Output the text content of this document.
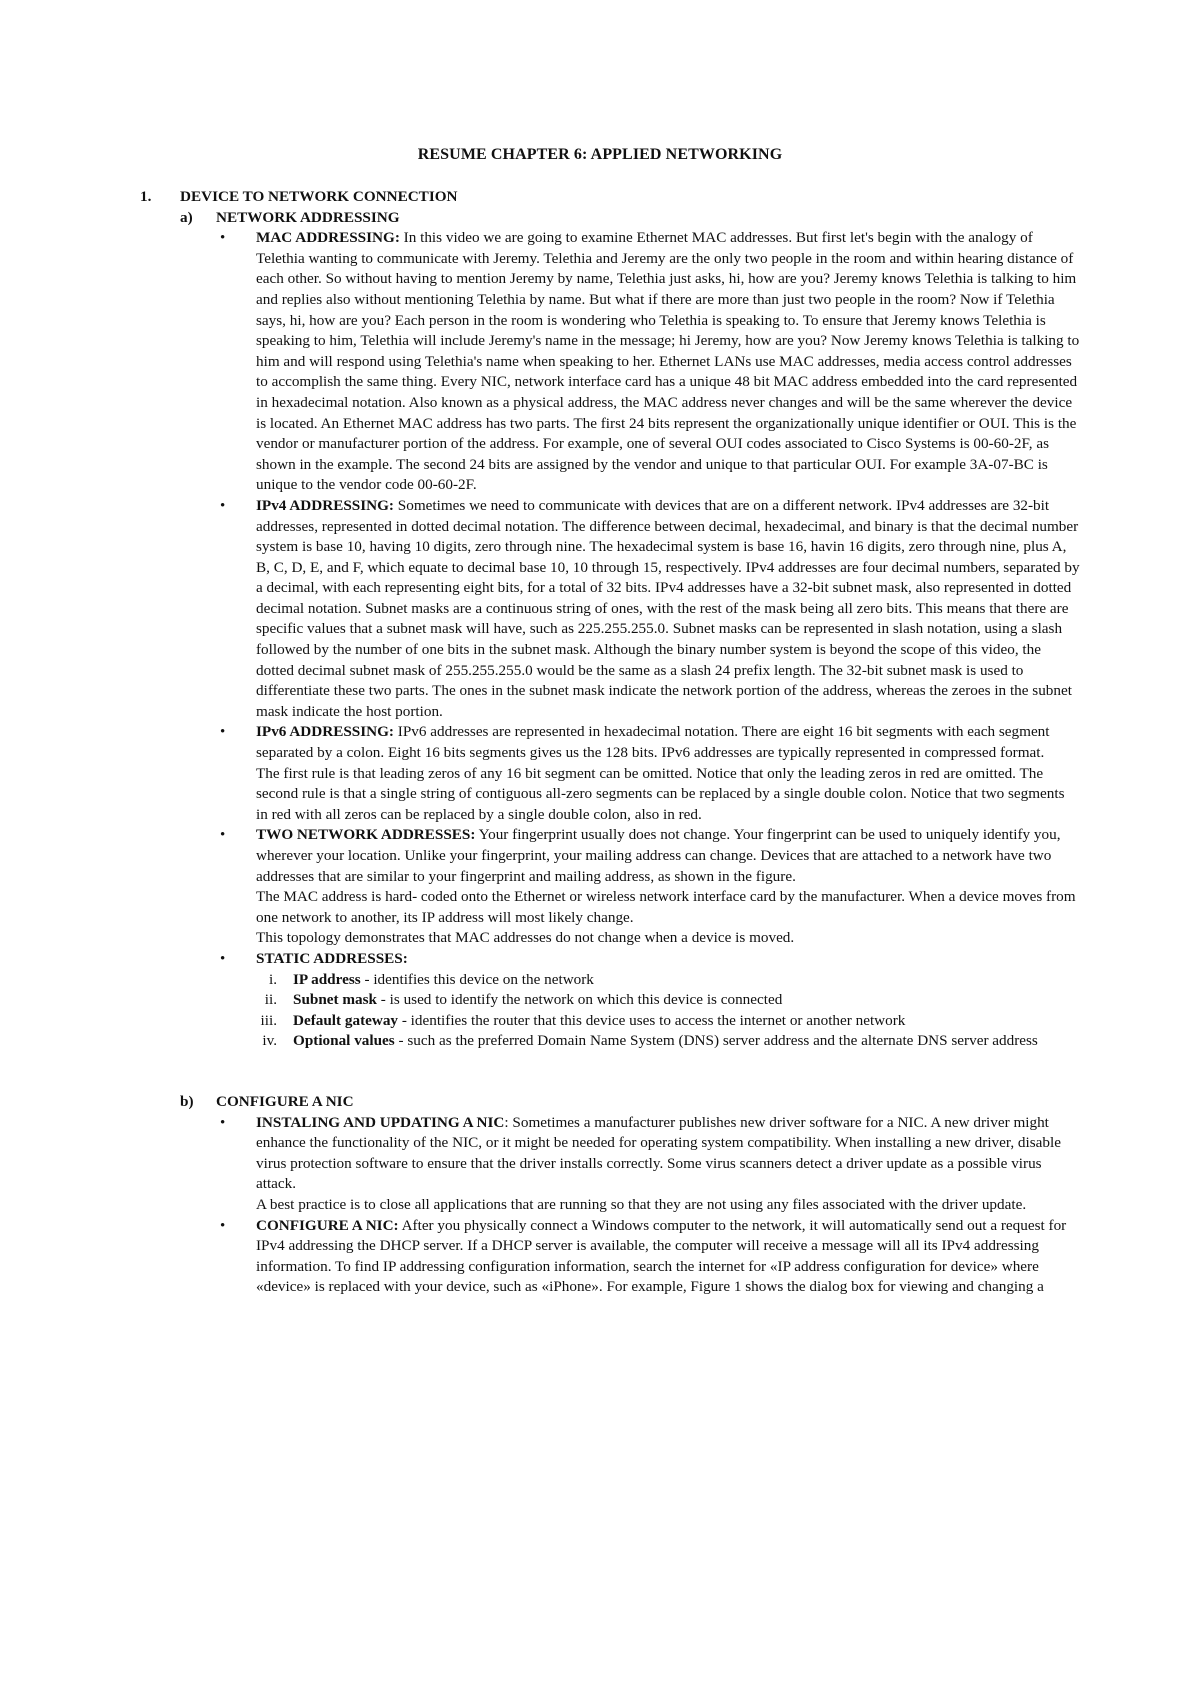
RESUME CHAPTER 6: APPLIED NETWORKING
1. DEVICE TO NETWORK CONNECTION
a) NETWORK ADDRESSING
• MAC ADDRESSING: In this video we are going to examine Ethernet MAC addresses. But first let's begin with the analogy of Telethia wanting to communicate with Jeremy. Telethia and Jeremy are the only two people in the room and within hearing distance of each other. So without having to mention Jeremy by name, Telethia just asks, hi, how are you? Jeremy knows Telethia is talking to him and replies also without mentioning Telethia by name. But what if there are more than just two people in the room? Now if Telethia says, hi, how are you? Each person in the room is wondering who Telethia is speaking to. To ensure that Jeremy knows Telethia is speaking to him, Telethia will include Jeremy's name in the message; hi Jeremy, how are you? Now Jeremy knows Telethia is talking to him and will respond using Telethia's name when speaking to her. Ethernet LANs use MAC addresses, media access control addresses to accomplish the same thing. Every NIC, network interface card has a unique 48 bit MAC address embedded into the card represented in hexadecimal notation. Also known as a physical address, the MAC address never changes and will be the same wherever the device is located. An Ethernet MAC address has two parts. The first 24 bits represent the organizationally unique identifier or OUI. This is the vendor or manufacturer portion of the address. For example, one of several OUI codes associated to Cisco Systems is 00-60-2F, as shown in the example. The second 24 bits are assigned by the vendor and unique to that particular OUI. For example 3A-07-BC is unique to the vendor code 00-60-2F.
• IPv4 ADDRESSING: Sometimes we need to communicate with devices that are on a different network. IPv4 addresses are 32-bit addresses, represented in dotted decimal notation. The difference between decimal, hexadecimal, and binary is that the decimal number system is base 10, having 10 digits, zero through nine. The hexadecimal system is base 16, havin 16 digits, zero through nine, plus A, B, C, D, E, and F, which equate to decimal base 10, 10 through 15, respectively. IPv4 addresses are four decimal numbers, separated by a decimal, with each representing eight bits, for a total of 32 bits. IPv4 addresses have a 32-bit subnet mask, also represented in dotted decimal notation. Subnet masks are a continuous string of ones, with the rest of the mask being all zero bits. This means that there are specific values that a subnet mask will have, such as 225.255.255.0. Subnet masks can be represented in slash notation, using a slash followed by the number of one bits in the subnet mask. Although the binary number system is beyond the scope of this video, the dotted decimal subnet mask of 255.255.255.0 would be the same as a slash 24 prefix length. The 32-bit subnet mask is used to differentiate these two parts. The ones in the subnet mask indicate the network portion of the address, whereas the zeroes in the subnet mask indicate the host portion.
• IPv6 ADDRESSING: IPv6 addresses are represented in hexadecimal notation. There are eight 16 bit segments with each segment separated by a colon. Eight 16 bits segments gives us the 128 bits. IPv6 addresses are typically represented in compressed format.
The first rule is that leading zeros of any 16 bit segment can be omitted. Notice that only the leading zeros in red are omitted. The second rule is that a single string of contiguous all-zero segments can be replaced by a single double colon. Notice that two segments in red with all zeros can be replaced by a single double colon, also in red.
• TWO NETWORK ADDRESSES: Your fingerprint usually does not change. Your fingerprint can be used to uniquely identify you, wherever your location. Unlike your fingerprint, your mailing address can change. Devices that are attached to a network have two addresses that are similar to your fingerprint and mailing address, as shown in the figure.
The MAC address is hard- coded onto the Ethernet or wireless network interface card by the manufacturer. When a device moves from one network to another, its IP address will most likely change.
This topology demonstrates that MAC addresses do not change when a device is moved.
• STATIC ADDRESSES:
i. IP address - identifies this device on the network
ii. Subnet mask - is used to identify the network on which this device is connected
iii. Default gateway - identifies the router that this device uses to access the internet or another network
iv. Optional values - such as the preferred Domain Name System (DNS) server address and the alternate DNS server address
b) CONFIGURE A NIC
• INSTALING AND UPDATING A NIC: Sometimes a manufacturer publishes new driver software for a NIC. A new driver might enhance the functionality of the NIC, or it might be needed for operating system compatibility. When installing a new driver, disable virus protection software to ensure that the driver installs correctly. Some virus scanners detect a driver update as a possible virus attack.
A best practice is to close all applications that are running so that they are not using any files associated with the driver update.
• CONFIGURE A NIC: After you physically connect a Windows computer to the network, it will automatically send out a request for IPv4 addressing the DHCP server. If a DHCP server is available, the computer will receive a message will all its IPv4 addressing information. To find IP addressing configuration information, search the internet for «IP address configuration for device» where «device» is replaced with your device, such as «iPhone». For example, Figure 1 shows the dialog box for viewing and changing a
